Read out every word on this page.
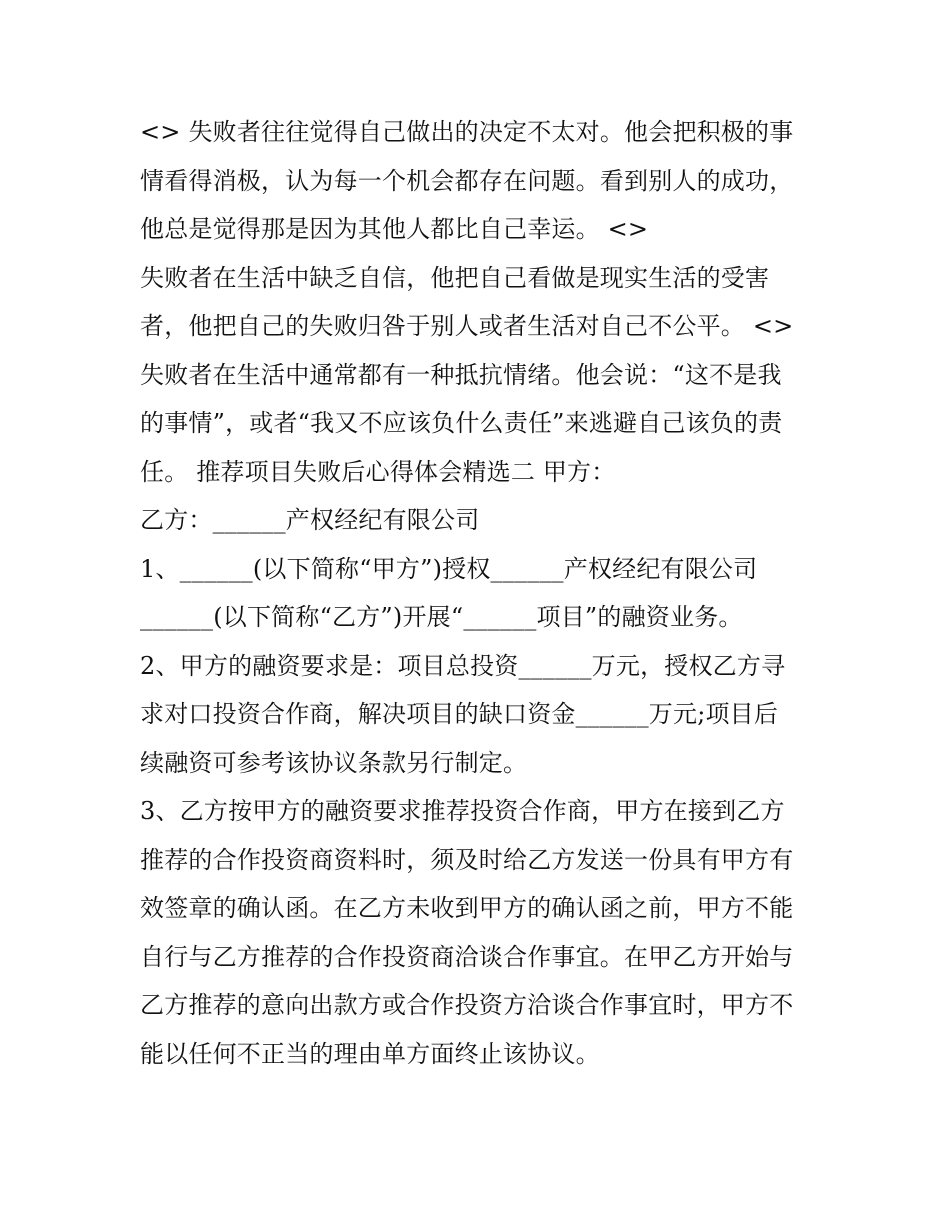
<> 失败者往往觉得自己做出的决定不太对。他会把积极的事
情看得消极，认为每一个机会都存在问题。看到别人的成功，
他总是觉得那是因为其他人都比自己幸运。 <>
失败者在生活中缺乏自信，他把自己看做是现实生活的受害
者，他把自己的失败归咎于别人或者生活对自己不公平。 <>
失败者在生活中通常都有一种抵抗情绪。他会说：“这不是我
的事情”，或者“我又不应该负什么责任”来逃避自己该负的责
任。 推荐项目失败后心得体会精选二 甲方：
乙方：______产权经纪有限公司
1、______(以下简称“甲方”)授权______产权经纪有限公司
______(以下简称“乙方”)开展“______项目”的融资业务。
2、甲方的融资要求是：项目总投资______万元，授权乙方寻
求对口投资合作商，解决项目的缺口资金______万元;项目后
续融资可参考该协议条款另行制定。
3、乙方按甲方的融资要求推荐投资合作商，甲方在接到乙方
推荐的合作投资商资料时，须及时给乙方发送一份具有甲方有
效签章的确认函。在乙方未收到甲方的确认函之前，甲方不能
自行与乙方推荐的合作投资商洽谈合作事宜。在甲乙方开始与
乙方推荐的意向出款方或合作投资方洽谈合作事宜时，甲方不
能以任何不正当的理由单方面终止该协议。
